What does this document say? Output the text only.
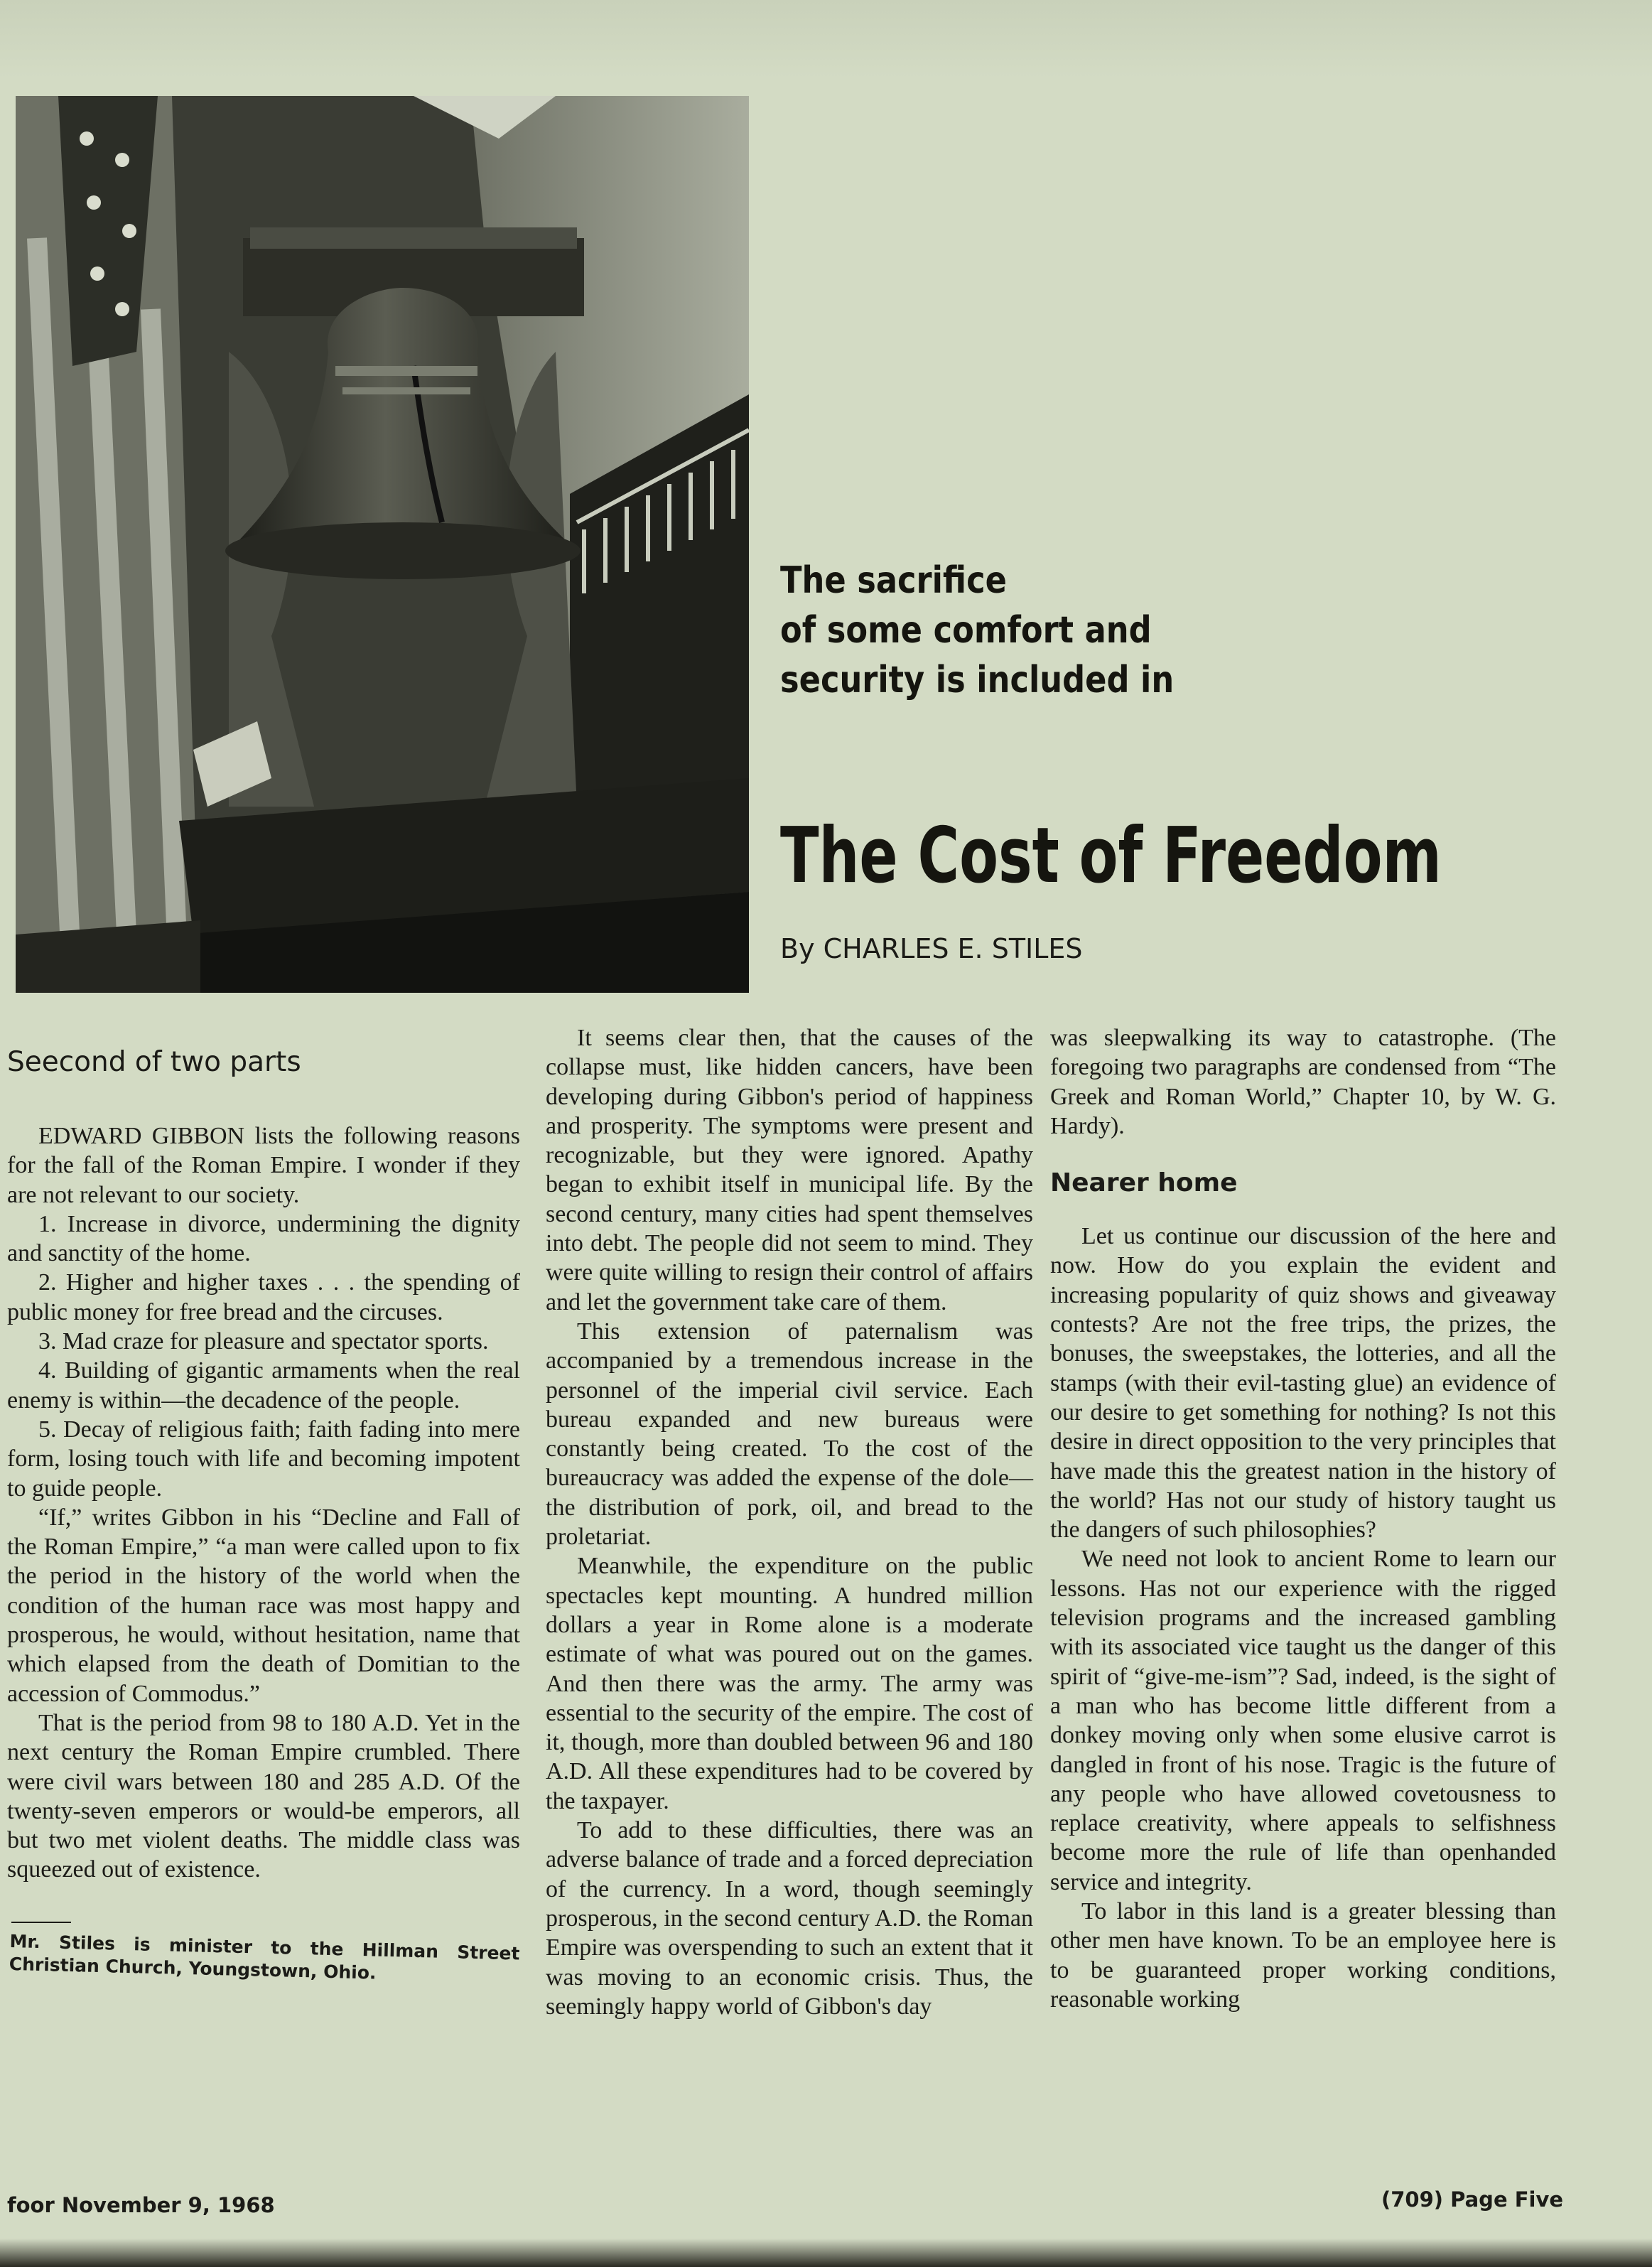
The sacrifice
of some comfort and
security is included in
The Cost of Freedom
By CHARLES E. STILES
Seecond of two parts

EDWARD GIBBON lists the following reasons for the fall of the Roman Empire. I wonder if they are not relevant to our society.

1. Increase in divorce, undermining the dignity and sanctity of the home.

2. Higher and higher taxes . . . the spending of public money for free bread and the circuses.

3. Mad craze for pleasure and spectator sports.

4. Building of gigantic armaments when the real enemy is within—the decadence of the people.

5. Decay of religious faith; faith fading into mere form, losing touch with life and becoming impotent to guide people.

“If,” writes Gibbon in his “Decline and Fall of the Roman Empire,” “a man were called upon to fix the period in the history of the world when the condition of the human race was most happy and prosperous, he would, without hesitation, name that which elapsed from the death of Domitian to the accession of Commodus.”

That is the period from 98 to 180 A.D. Yet in the next century the Roman Empire crumbled. There were civil wars between 180 and 285 A.D. Of the twenty-seven emperors or would-be emperors, all but two met violent deaths. The middle class was squeezed out of existence.

Mr. Stiles is minister to the Hillman Street Christian Church, Youngstown, Ohio.

It seems clear then, that the causes of the collapse must, like hidden cancers, have been developing during Gibbon's period of happiness and prosperity. The symptoms were present and recognizable, but they were ignored. Apathy began to exhibit itself in municipal life. By the second century, many cities had spent themselves into debt. The people did not seem to mind. They were quite willing to resign their control of affairs and let the government take care of them.

This extension of paternalism was accompanied by a tremendous increase in the personnel of the imperial civil service. Each bureau expanded and new bureaus were constantly being created. To the cost of the bureaucracy was added the expense of the dole—the distribution of pork, oil, and bread to the proletariat.

Meanwhile, the expenditure on the public spectacles kept mounting. A hundred million dollars a year in Rome alone is a moderate estimate of what was poured out on the games. And then there was the army. The army was essential to the security of the empire. The cost of it, though, more than doubled between 96 and 180 A.D. All these expenditures had to be covered by the taxpayer.

To add to these difficulties, there was an adverse balance of trade and a forced depreciation of the currency. In a word, though seemingly prosperous, in the second century A.D. the Roman Empire was overspending to such an extent that it was moving to an economic crisis. Thus, the seemingly happy world of Gibbon's day

was sleepwalking its way to catastrophe. (The foregoing two paragraphs are condensed from “The Greek and Roman World,” Chapter 10, by W. G. Hardy).

Nearer home

Let us continue our discussion of the here and now. How do you explain the evident and increasing popularity of quiz shows and giveaway contests? Are not the free trips, the prizes, the bonuses, the sweepstakes, the lotteries, and all the stamps (with their evil-tasting glue) an evidence of our desire to get something for nothing? Is not this desire in direct opposition to the very principles that have made this the greatest nation in the history of the world? Has not our study of history taught us the dangers of such philosophies?

We need not look to ancient Rome to learn our lessons. Has not our experience with the rigged television programs and the increased gambling with its associated vice taught us the danger of this spirit of “give-me-ism”? Sad, indeed, is the sight of a man who has become little different from a donkey moving only when some elusive carrot is dangled in front of his nose. Tragic is the future of any people who have allowed covetousness to replace creativity, where appeals to selfishness become more the rule of life than openhanded service and integrity.

To labor in this land is a greater blessing than other men have known. To be an employee here is to be guaranteed proper working conditions, reasonable working

foor November 9, 1968	(709) Page Five
